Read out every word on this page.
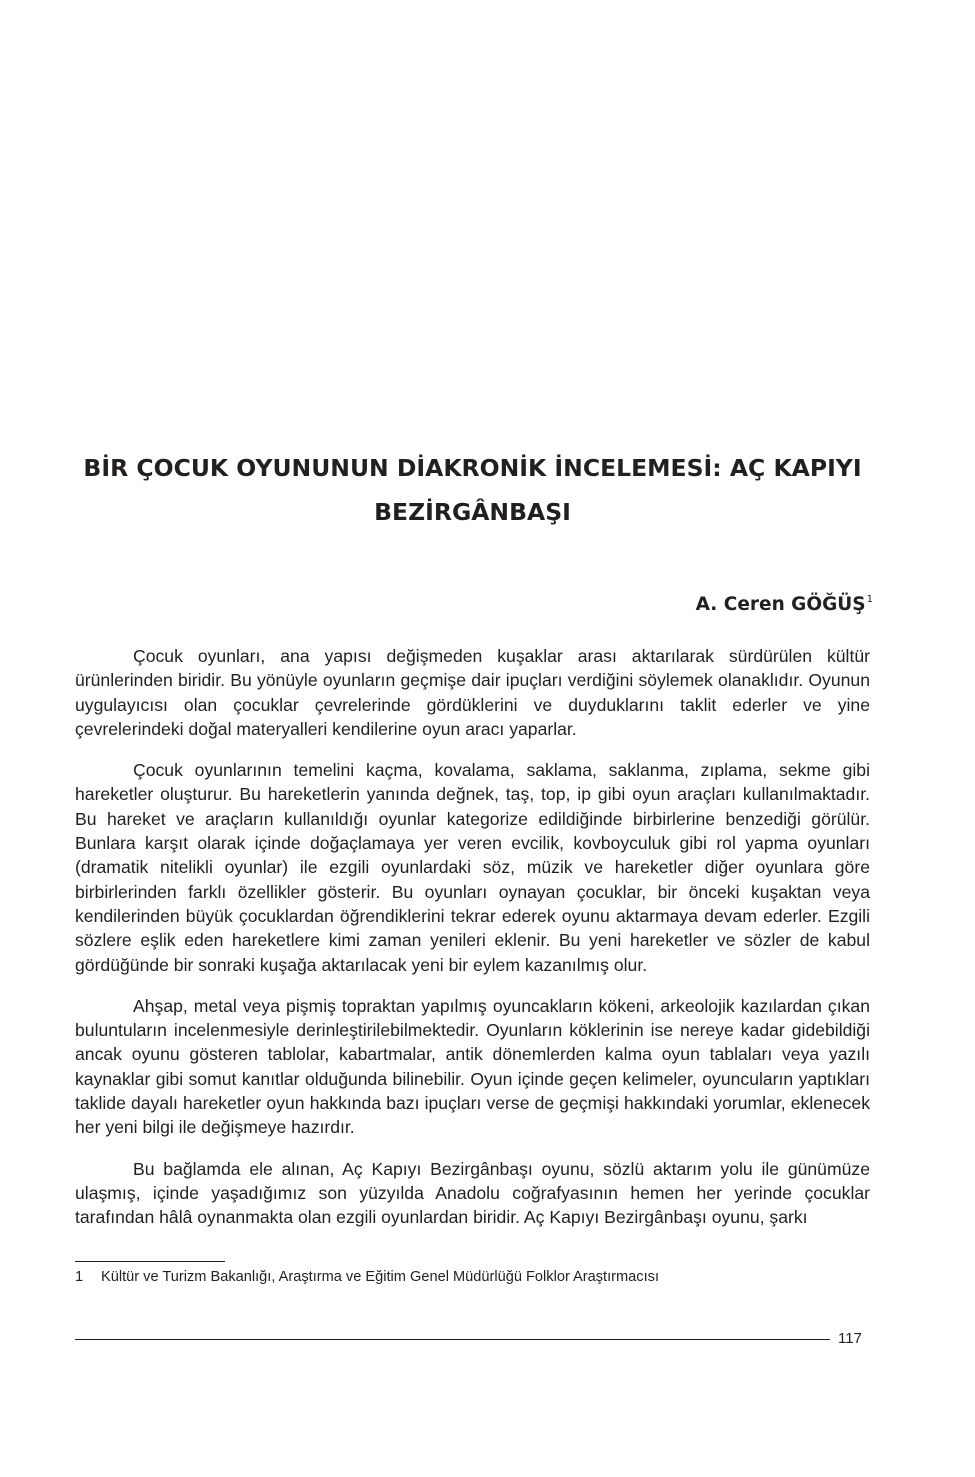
BİR ÇOCUK OYUNUNUN DİAKRONİK İNCELEMESİ: AÇ KAPIYI
BEZİRGÂNBAŞI
A. Ceren GÖĞÜŞ$^1$

Çocuk oyunları, ana yapısı değişmeden kuşaklar arası aktarılarak sürdürülen kültür ürünlerinden biridir. Bu yönüyle oyunların geçmişe dair ipuçları verdiğini söylemek olanaklıdır. Oyunun uygulayıcısı olan çocuklar çevrelerinde gördüklerini ve duyduklarını taklit ederler ve yine çevrelerindeki doğal materyalleri kendilerine oyun aracı yaparlar.

Çocuk oyunlarının temelini kaçma, kovalama, saklama, saklanma, zıplama, sekme gibi hareketler oluşturur. Bu hareketlerin yanında değnek, taş, top, ip gibi oyun araçları kullanılmaktadır. Bu hareket ve araçların kullanıldığı oyunlar kategorize edildiğinde birbirlerine benzediği görülür. Bunlara karşıt olarak içinde doğaçlamaya yer veren evcilik, kovboyculuk gibi rol yapma oyunları (dramatik nitelikli oyunlar) ile ezgili oyunlardaki söz, müzik ve hareketler diğer oyunlara göre birbirlerinden farklı özellikler gösterir. Bu oyunları oynayan çocuklar, bir önceki kuşaktan veya kendilerinden büyük çocuklardan öğrendiklerini tekrar ederek oyunu aktarmaya devam ederler. Ezgili sözlere eşlik eden hareketlere kimi zaman yenileri eklenir. Bu yeni hareketler ve sözler de kabul gördüğünde bir sonraki kuşağa aktarılacak yeni bir eylem kazanılmış olur.

Ahşap, metal veya pişmiş topraktan yapılmış oyuncakların kökeni, arkeolojik kazılardan çıkan buluntuların incelenmesiyle derinleştirilebilmektedir. Oyunların köklerinin ise nereye kadar gidebildiği ancak oyunu gösteren tablolar, kabartmalar, antik dönemlerden kalma oyun tablaları veya yazılı kaynaklar gibi somut kanıtlar olduğunda bilinebilir. Oyun içinde geçen kelimeler, oyuncuların yaptıkları taklide dayalı hareketler oyun hakkında bazı ipuçları verse de geçmişi hakkındaki yorumlar, eklenecek her yeni bilgi ile değişmeye hazırdır.

Bu bağlamda ele alınan, Aç Kapıyı Bezirgânbaşı oyunu, sözlü aktarım yolu ile günümüze ulaşmış, içinde yaşadığımız son yüzyılda Anadolu coğrafyasının hemen her yerinde çocuklar tarafından hâlâ oynanmakta olan ezgili oyunlardan biridir. Aç Kapıyı Bezirgânbaşı oyunu, şarkı

1 Kültür ve Turizm Bakanlığı, Araştırma ve Eğitim Genel Müdürlüğü Folklor Araştırmacısı
117
